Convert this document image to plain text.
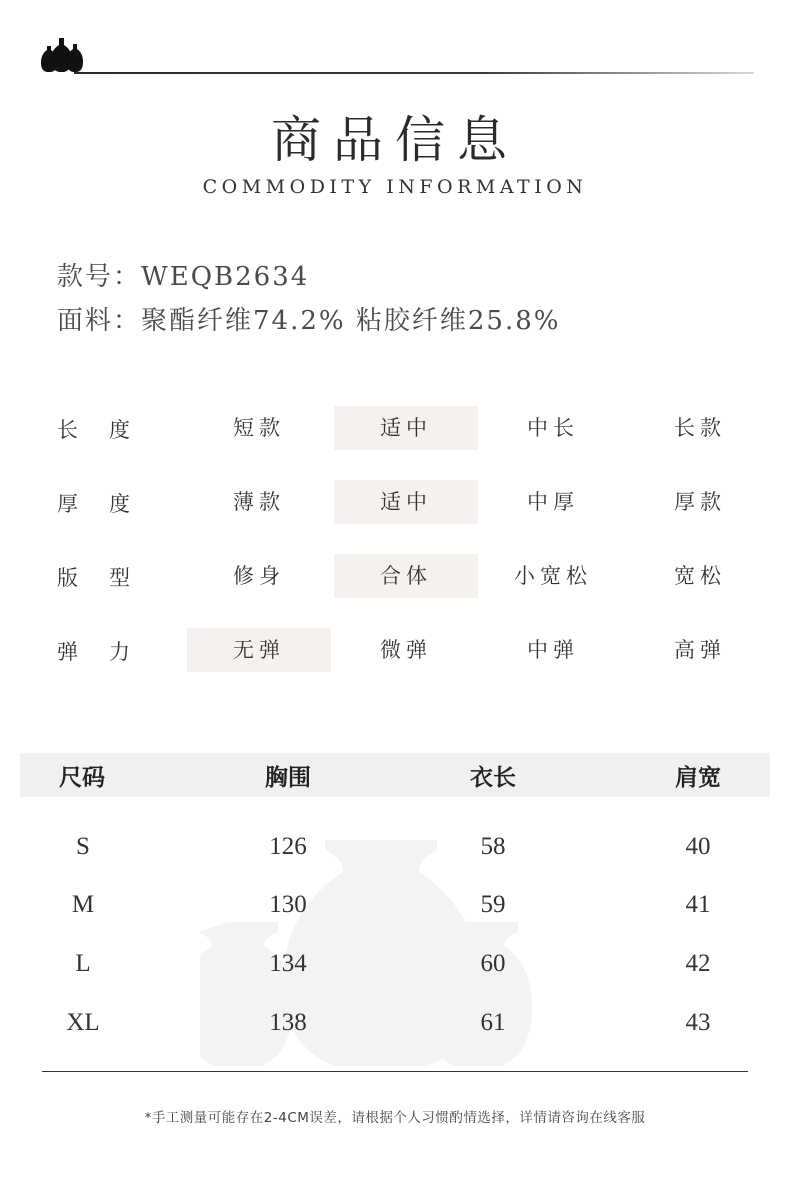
商品信息
COMMODITY INFORMATION
款号：WEQB2634
面料：聚酯纤维74.2% 粘胶纤维25.8%
长 度	短款	适中	中长	长款
厚 度	薄款	适中	中厚	厚款
版 型	修身	合体	小宽松	宽松
弹 力	无弹	微弹	中弹	高弹
尺码	胸围	衣长	肩宽
S	126	58	40
M	130	59	41
L	134	60	42
XL	138	61	43
*手工测量可能存在2-4CM误差，请根据个人习惯酌情选择，详情请咨询在线客服
